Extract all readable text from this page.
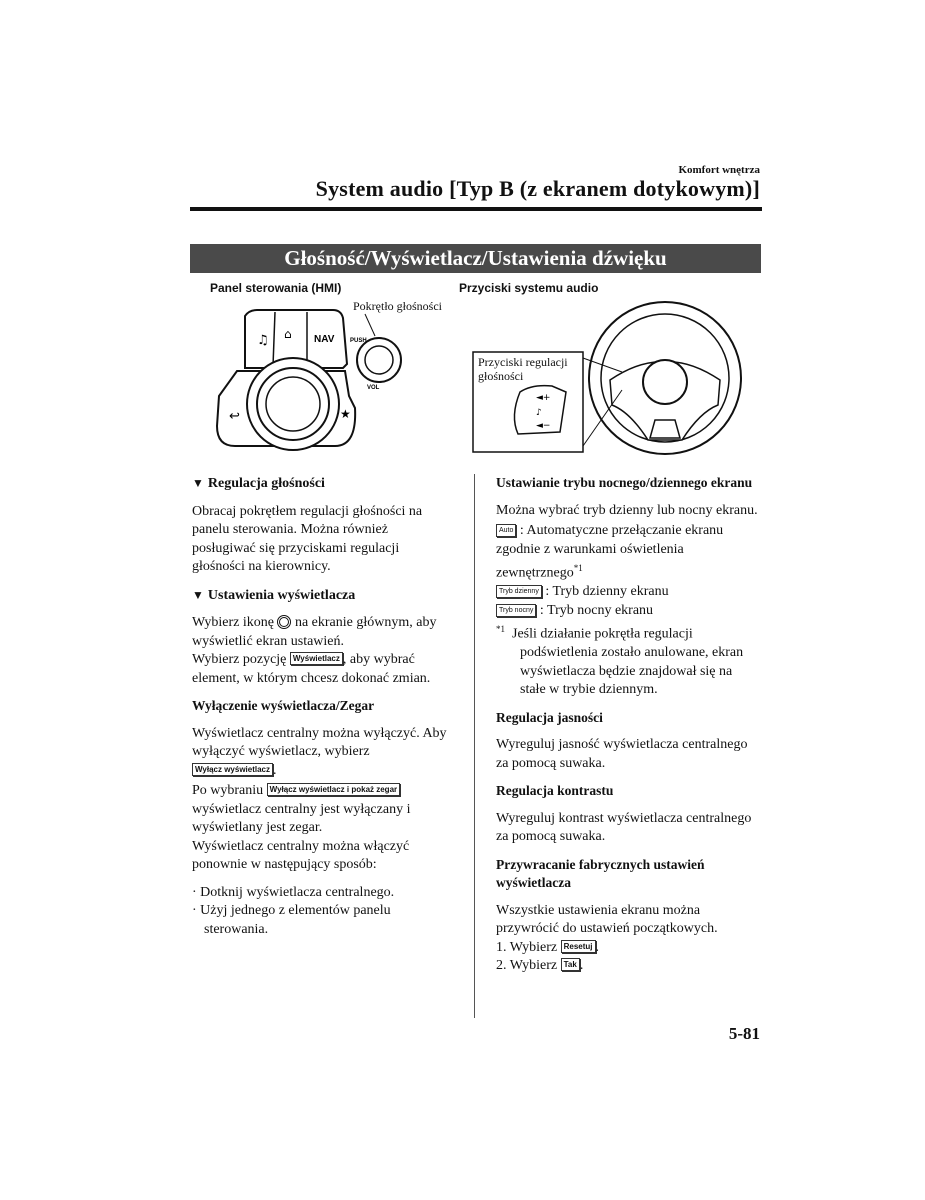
Komfort wnętrza
System audio [Typ B (z ekranem dotykowym)]
Głośność/Wyświetlacz/Ustawienia dźwięku
Panel sterowania (HMI)	Przyciski systemu audio
♫ ⌂ NAV	PUSH
VOL
↩	★
Pokrętło głośności
◄+
♪
◄−
Przyciski regulacji
głośności
▼ Regulacja głośności

Obracaj pokrętłem regulacji głośności na panelu sterowania. Można również posługiwać się przyciskami regulacji głośności na kierownicy.

▼ Ustawienia wyświetlacza

Wybierz ikonę na ekranie głównym, aby wyświetlić ekran ustawień.
Wybierz pozycję Wyświetlacz , aby wybrać element, w którym chcesz dokonać zmian.

Wyłączenie wyświetlacza/Zegar

Wyświetlacz centralny można wyłączyć. Aby wyłączyć wyświetlacz, wybierz
Wyłącz wyświetlacz .

Po wybraniu Wyłącz wyświetlacz i pokaż zegar wyświetlacz centralny jest wyłączany i wyświetlany jest zegar.
Wyświetlacz centralny można włączyć ponownie w następujący sposób:

· Dotknij wyświetlacza centralnego.
· Użyj jednego z elementów panelu sterowania.
Ustawianie trybu nocnego/dziennego ekranu

Można wybrać tryb dzienny lub nocny ekranu.

Auto : Automatyczne przełączanie ekranu zgodnie z warunkami oświetlenia zewnętrznego$^{*1}$
Tryb dzienny : Tryb dzienny ekranu
Tryb nocny : Tryb nocny ekranu

$^{*1}$ Jeśli działanie pokrętła regulacji podświetlenia zostało anulowane, ekran wyświetlacza będzie znajdował się na stałe w trybie dziennym.

Regulacja jasności

Wyreguluj jasność wyświetlacza centralnego za pomocą suwaka.

Regulacja kontrastu

Wyreguluj kontrast wyświetlacza centralnego za pomocą suwaka.

Przywracanie fabrycznych ustawień wyświetlacza

Wszystkie ustawienia ekranu można przywrócić do ustawień początkowych.

1. Wybierz Resetuj .
2. Wybierz Tak .
5-81
